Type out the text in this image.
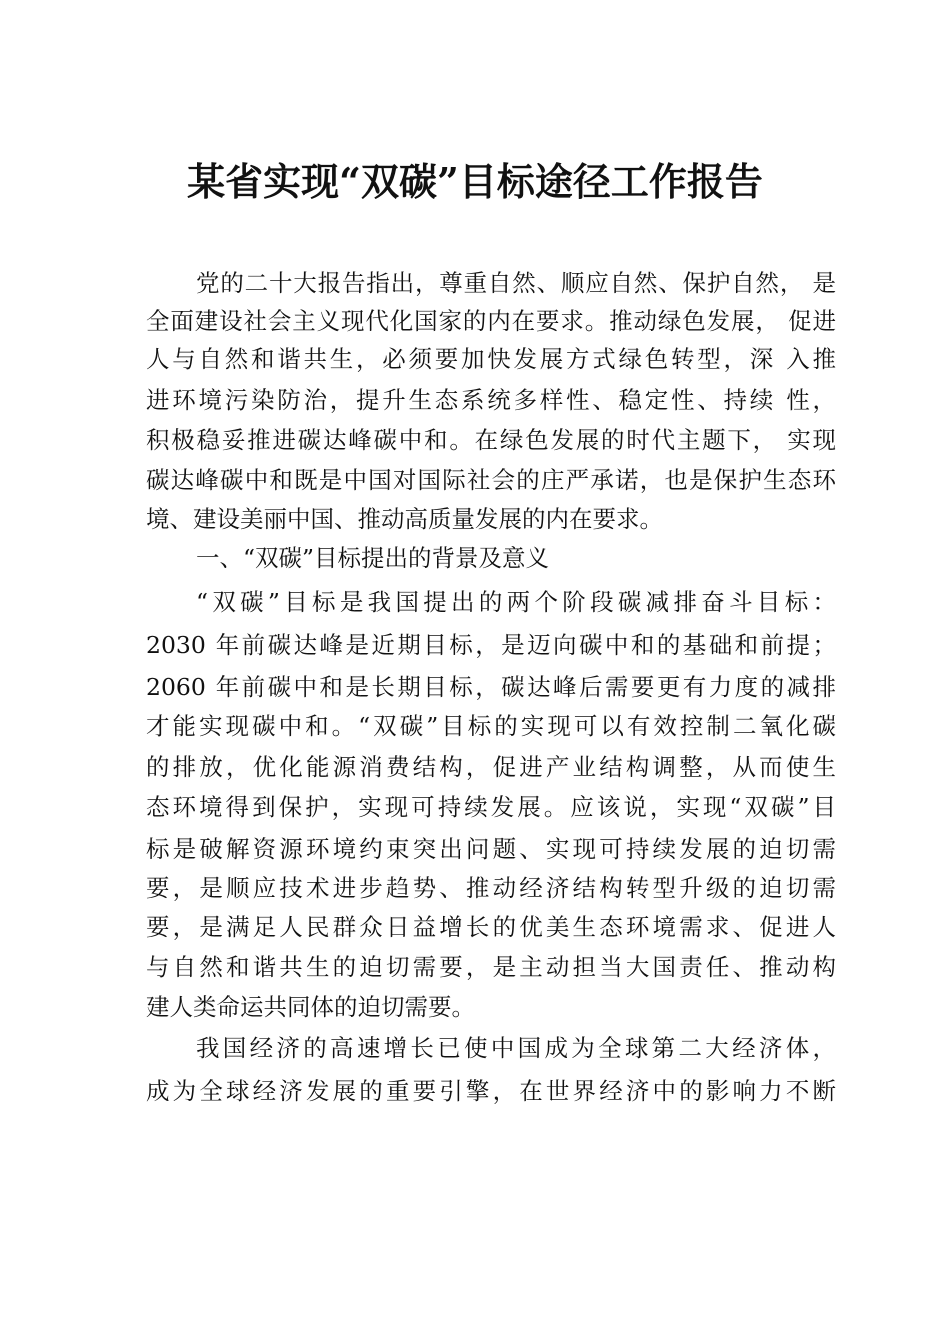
某省实现“双碳”目标途径工作报告
党的二十大报告指出，尊重自然、顺应自然、保护自然， 是
全面建设社会主义现代化国家的内在要求。推动绿色发展， 促进
人与自然和谐共生，必须要加快发展方式绿色转型，深 入推
进环境污染防治，提升生态系统多样性、稳定性、持续 性，
积极稳妥推进碳达峰碳中和。在绿色发展的时代主题下， 实现
碳达峰碳中和既是中国对国际社会的庄严承诺，也是保护生态环
境、建设美丽中国、推动高质量发展的内在要求。
一、“双碳”目标提出的背景及意义
“双碳”目标是我国提出的两个阶段碳减排奋斗目标：
2030 年前碳达峰是近期目标，是迈向碳中和的基础和前提；
2060 年前碳中和是长期目标，碳达峰后需要更有力度的减排
才能实现碳中和。“双碳”目标的实现可以有效控制二氧化碳
的排放，优化能源消费结构，促进产业结构调整，从而使生
态环境得到保护，实现可持续发展。应该说，实现“双碳”目
标是破解资源环境约束突出问题、实现可持续发展的迫切需
要，是顺应技术进步趋势、推动经济结构转型升级的迫切需
要，是满足人民群众日益增长的优美生态环境需求、促进人
与自然和谐共生的迫切需要，是主动担当大国责任、推动构
建人类命运共同体的迫切需要。
我国经济的高速增长已使中国成为全球第二大经济体，
成为全球经济发展的重要引擎，在世界经济中的影响力不断
